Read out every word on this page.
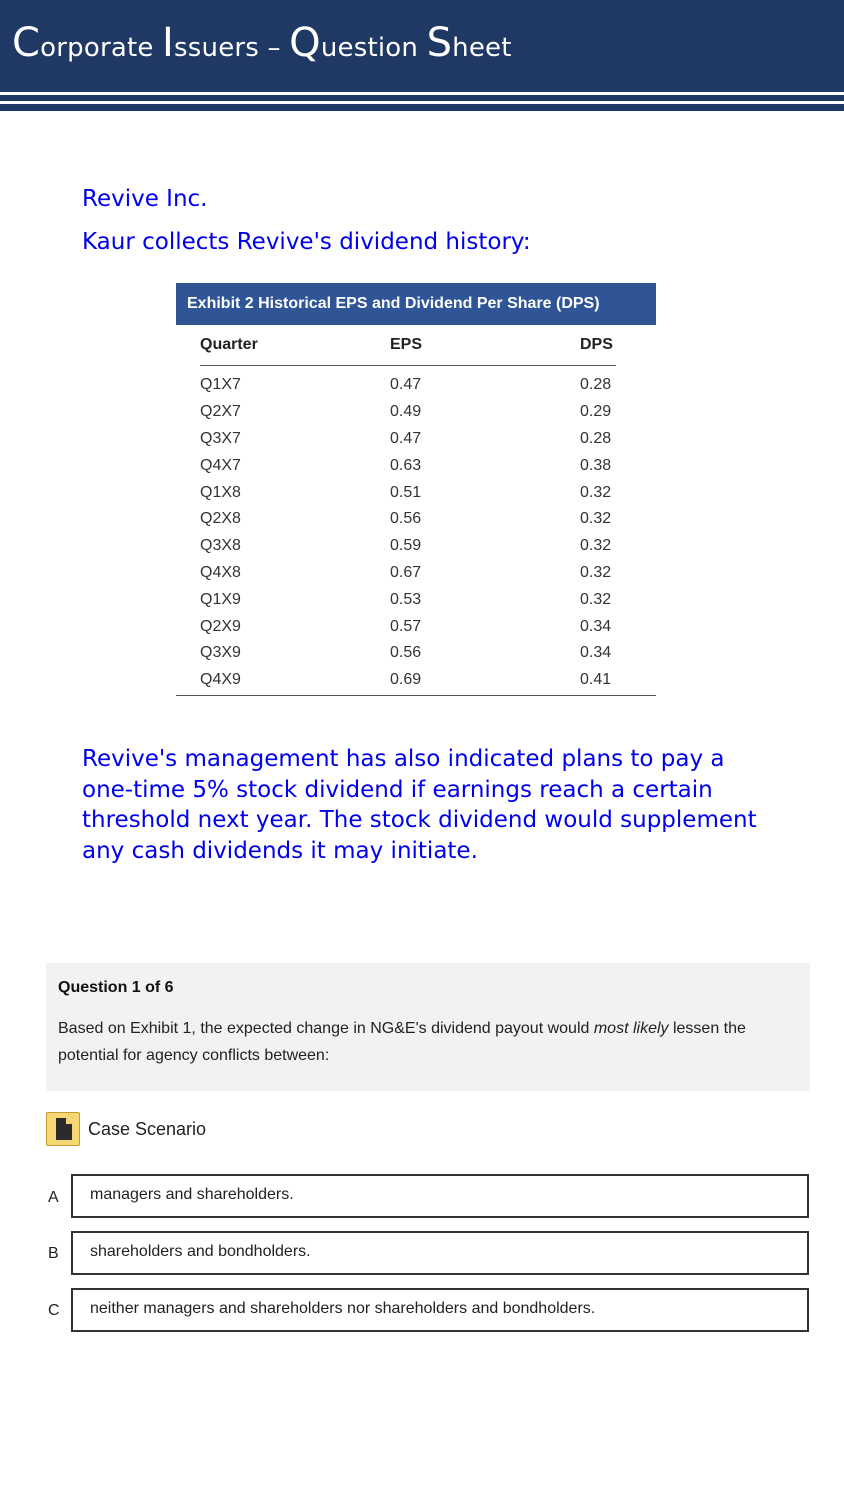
Corporate Issuers – Question Sheet
Revive Inc.
Kaur collects Revive's dividend history:
Exhibit 2 Historical EPS and Dividend Per Share (DPS)
Quarter	EPS	DPS
Q1X7	0.47	0.28
Q2X7	0.49	0.29
Q3X7	0.47	0.28
Q4X7	0.63	0.38
Q1X8	0.51	0.32
Q2X8	0.56	0.32
Q3X8	0.59	0.32
Q4X8	0.67	0.32
Q1X9	0.53	0.32
Q2X9	0.57	0.34
Q3X9	0.56	0.34
Q4X9	0.69	0.41
Revive's management has also indicated plans to pay a one-time 5% stock dividend if earnings reach a certain threshold next year. The stock dividend would supplement any cash dividends it may initiate.
Question 1 of 6
Based on Exhibit 1, the expected change in NG&E's dividend payout would most likely lessen the potential for agency conflicts between:
Case Scenario
A managers and shareholders.
B shareholders and bondholders.
C neither managers and shareholders nor shareholders and bondholders.
